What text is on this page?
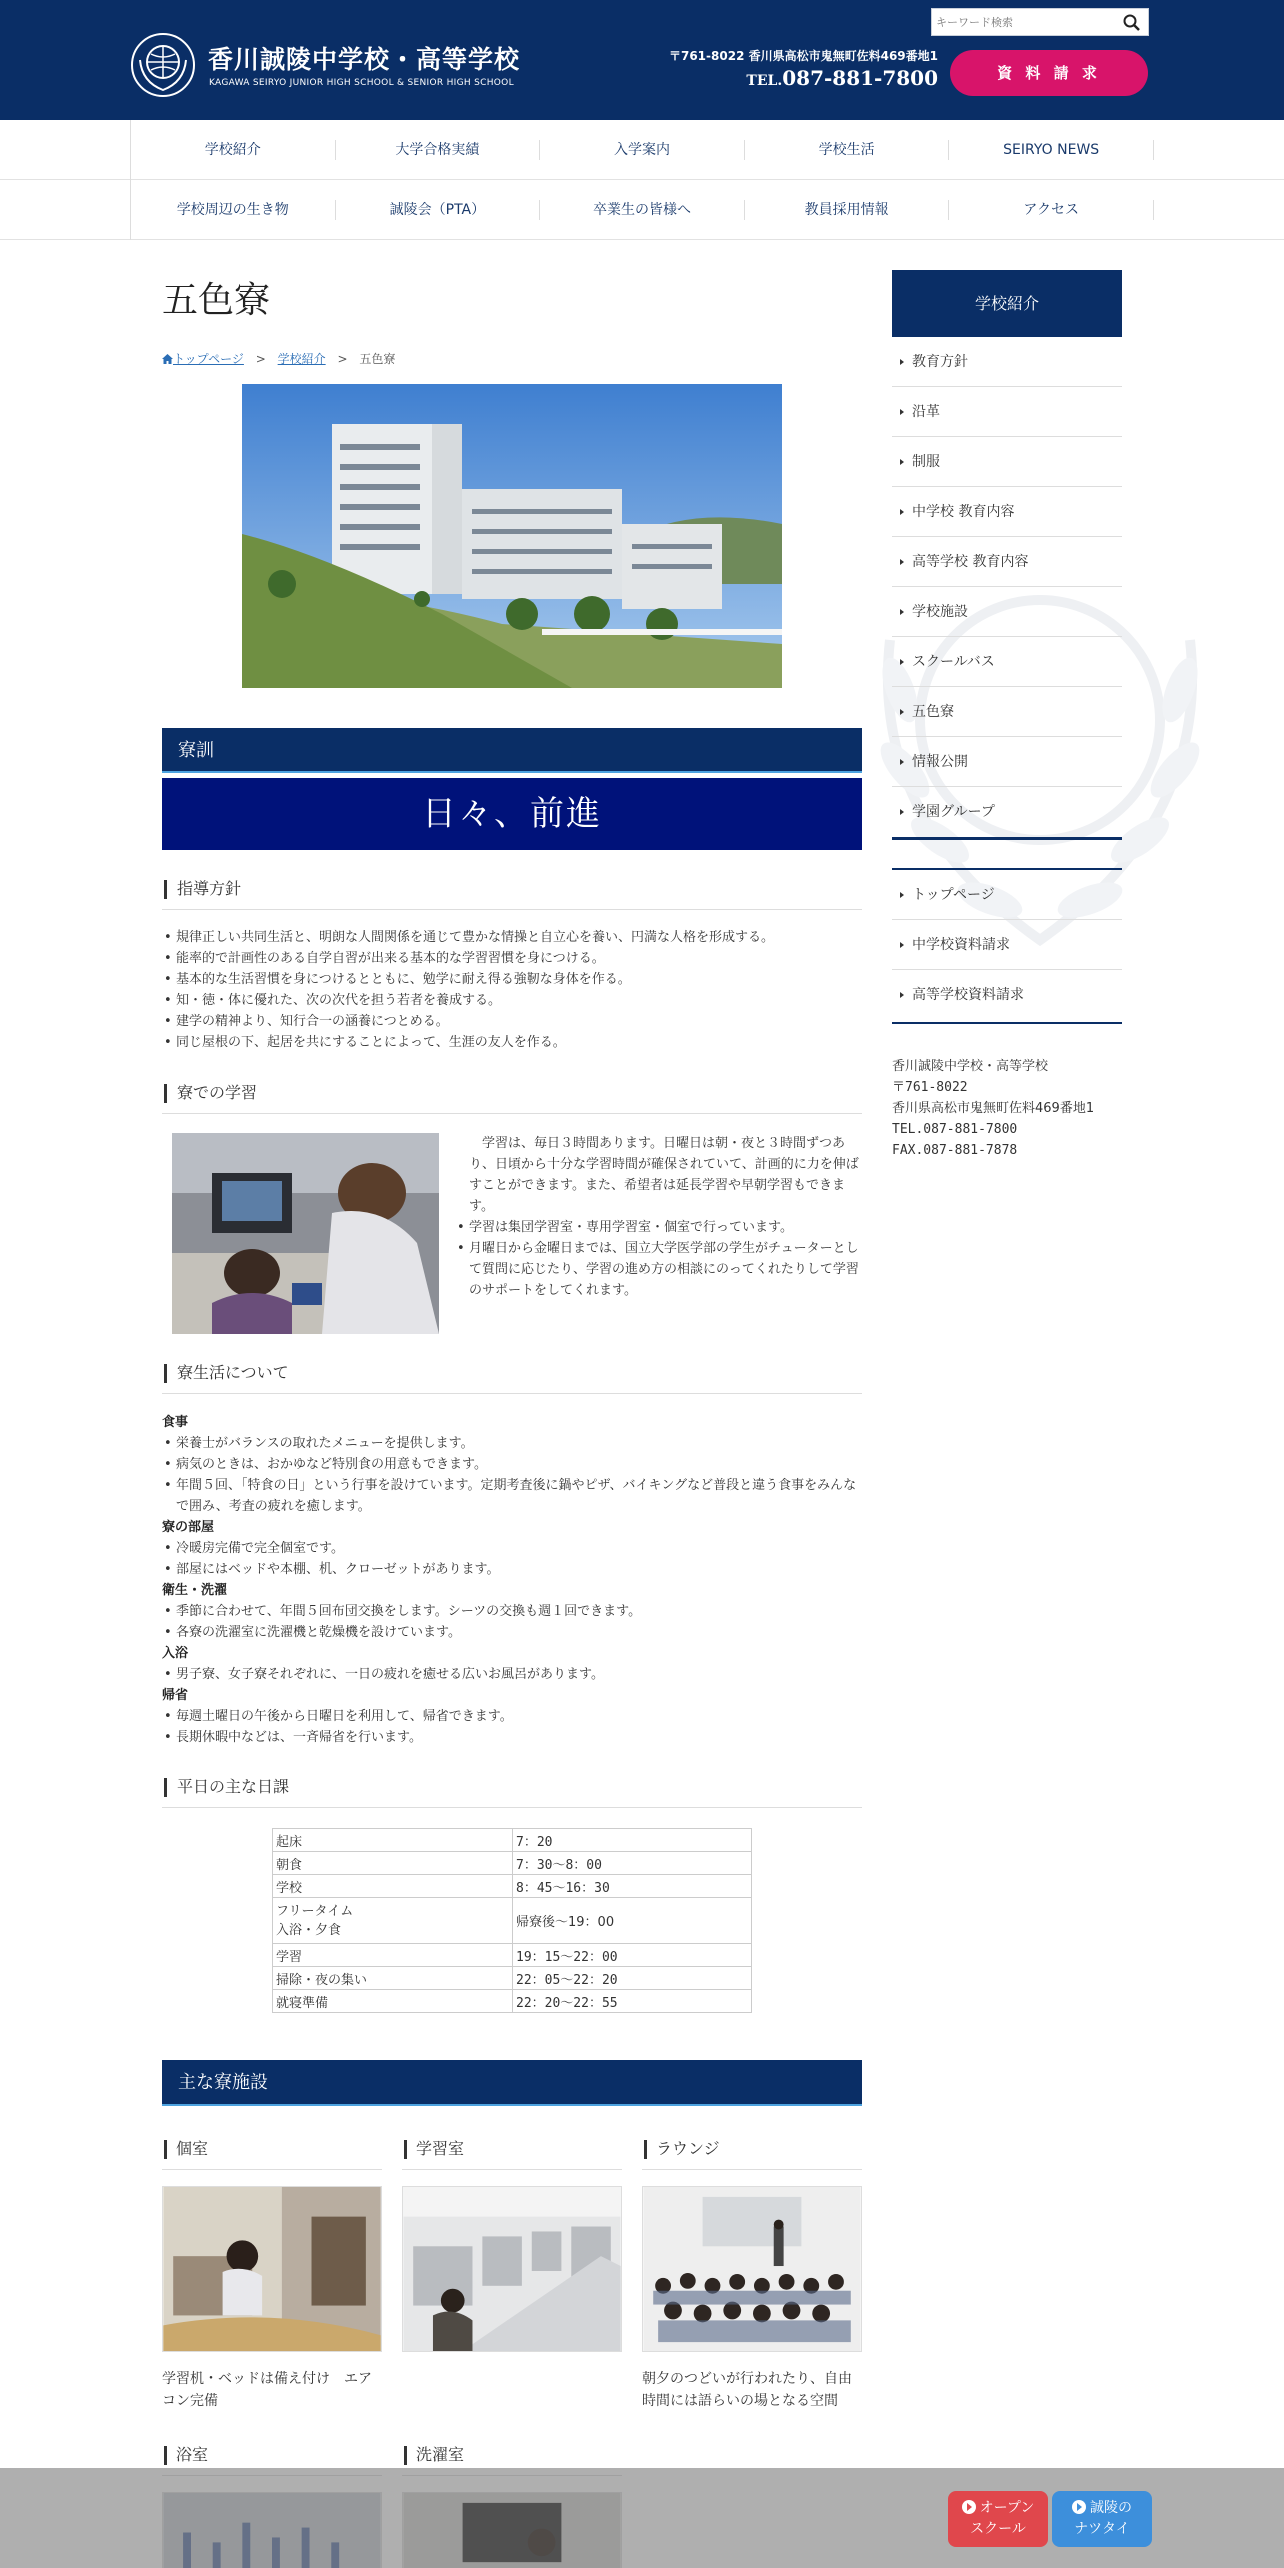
香川誠陵中学校・高等学校
KAGAWA SEIRYO JUNIOR HIGH SCHOOL & SENIOR HIGH SCHOOL
キーワード検索
〒761-8022 香川県高松市鬼無町佐料469番地1
TEL.087-881-7800	資 料 請 求
学校紹介	大学合格実績	入学案内	学校生活	SEIRYO NEWS
学校周辺の生き物	誠陵会（PTA）	卒業生の皆様へ	教員採用情報	アクセス
五色寮
トップページ > 学校紹介 > 五色寮
寮訓
日々、前進
指導方針
• 規律正しい共同生活と、明朗な人間関係を通じて豊かな情操と自立心を養い、円満な人格を形成する。
• 能率的で計画性のある自学自習が出来る基本的な学習習慣を身につける。
• 基本的な生活習慣を身につけるとともに、勉学に耐え得る強靭な身体を作る。
• 知・徳・体に優れた、次の次代を担う若者を養成する。
• 建学の精神より、知行合一の涵養につとめる。
• 同じ屋根の下、起居を共にすることによって、生涯の友人を作る。
寮での学習
　学習は、毎日３時間あります。日曜日は朝・夜と３時間ずつあり、日頃から十分な学習時間が確保されていて、計画的に力を伸ばすことができます。また、希望者は延長学習や早朝学習もできます。
• 学習は集団学習室・専用学習室・個室で行っています。
• 月曜日から金曜日までは、国立大学医学部の学生がチューターとして質問に応じたり、学習の進め方の相談にのってくれたりして学習のサポートをしてくれます。
寮生活について
食事
• 栄養士がバランスの取れたメニューを提供します。
• 病気のときは、おかゆなど特別食の用意もできます。
• 年間５回、「特食の日」という行事を設けています。定期考査後に鍋やピザ、バイキングなど普段と違う食事をみんなで囲み、考査の疲れを癒します。
寮の部屋
• 冷暖房完備で完全個室です。
• 部屋にはベッドや本棚、机、クローゼットがあります。
衛生・洗濯
• 季節に合わせて、年間５回布団交換をします。シーツの交換も週１回できます。
• 各寮の洗濯室に洗濯機と乾燥機を設けています。
入浴
• 男子寮、女子寮それぞれに、一日の疲れを癒せる広いお風呂があります。
帰省
• 毎週土曜日の午後から日曜日を利用して、帰省できます。
• 長期休暇中などは、一斉帰省を行います。
平日の主な日課
起床	7：20
朝食	7：30～8：00
学校	8：45～16：30
フリータイム
入浴・夕食	帰寮後～19：00
学習	19：15～22：00
掃除・夜の集い	22：05～22：20
就寝準備	22：20～22：55
主な寮施設
個室
学習机・ベッドは備え付け　エアコン完備
学習室	ラウンジ
朝夕のつどいが行われたり、自由時間には語らいの場となる空間
浴室	洗濯室
学校紹介
教育方針
沿革
制服
中学校 教育内容
高等学校 教育内容
学校施設
スクールバス
五色寮
情報公開
学園グループ
トップページ
中学校資料請求
高等学校資料請求
香川誠陵中学校・高等学校
〒761-8022
香川県高松市鬼無町佐料469番地1
TEL.087-881-7800
FAX.087-881-7878
オープン
スクール
誠陵の
ナツタイ
